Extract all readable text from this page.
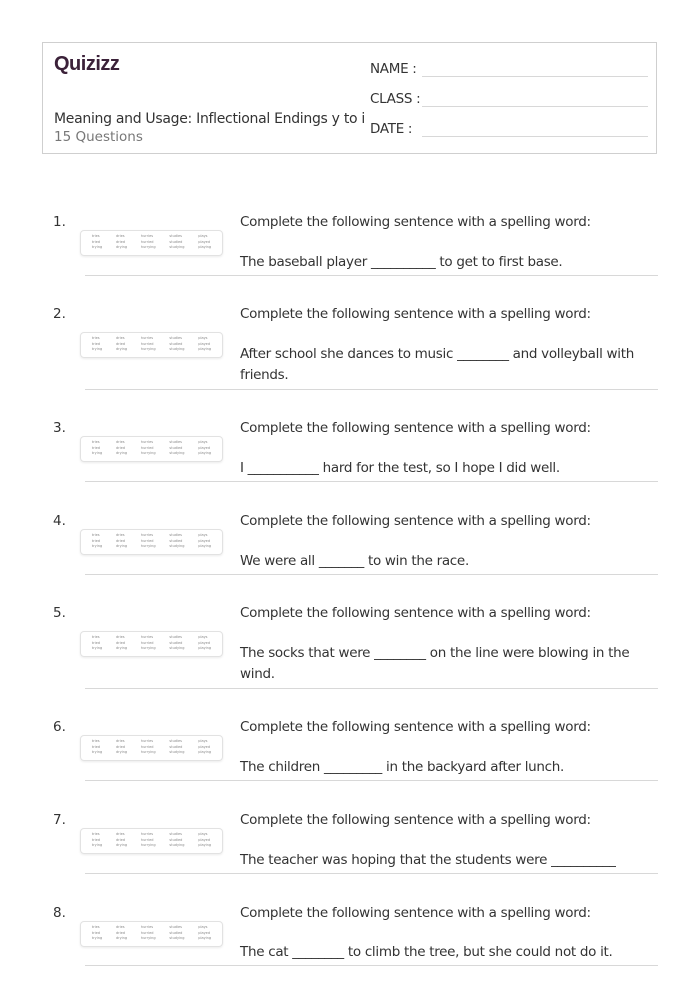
Quizizz
Meaning and Usage: Inflectional Endings y to i
15 Questions
NAME :
CLASS :
DATE :
1.
tries
tried
trying
dries
dried
drying
hurries
hurried
hurrying
studies
studied
studying
plays
played
playing
Complete the following sentence with a spelling word:
The baseball player __________ to get to first base.
2.
tries
tried
trying
dries
dried
drying
hurries
hurried
hurrying
studies
studied
studying
plays
played
playing
Complete the following sentence with a spelling word:
After school she dances to music ________ and volleyball with friends.
3.
tries
tried
trying
dries
dried
drying
hurries
hurried
hurrying
studies
studied
studying
plays
played
playing
Complete the following sentence with a spelling word:
I ___________ hard for the test, so I hope I did well.
4.
tries
tried
trying
dries
dried
drying
hurries
hurried
hurrying
studies
studied
studying
plays
played
playing
Complete the following sentence with a spelling word:
We were all _______ to win the race.
5.
tries
tried
trying
dries
dried
drying
hurries
hurried
hurrying
studies
studied
studying
plays
played
playing
Complete the following sentence with a spelling word:
The socks that were ________ on the line were blowing in the wind.
6.
tries
tried
trying
dries
dried
drying
hurries
hurried
hurrying
studies
studied
studying
plays
played
playing
Complete the following sentence with a spelling word:
The children _________ in the backyard after lunch.
7.
tries
tried
trying
dries
dried
drying
hurries
hurried
hurrying
studies
studied
studying
plays
played
playing
Complete the following sentence with a spelling word:
The teacher was hoping that the students were __________
8.
tries
tried
trying
dries
dried
drying
hurries
hurried
hurrying
studies
studied
studying
plays
played
playing
Complete the following sentence with a spelling word:
The cat ________ to climb the tree, but she could not do it.
